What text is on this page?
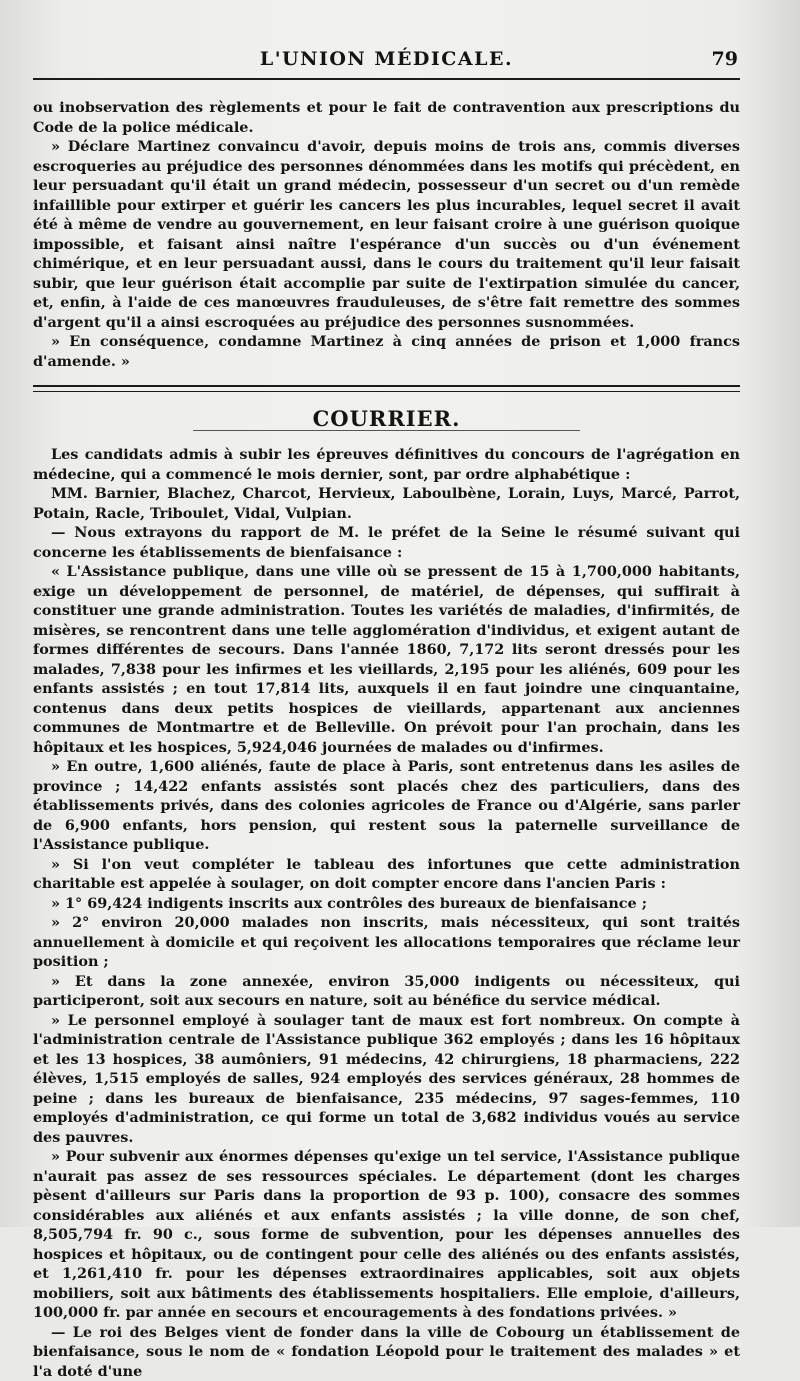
L'UNION MÉDICALE.	79

ou inobservation des règlements et pour le fait de contravention aux prescriptions du Code de la police médicale.

» Déclare Martinez convaincu d'avoir, depuis moins de trois ans, commis diverses escroqueries au préjudice des personnes dénommées dans les motifs qui précèdent, en leur persuadant qu'il était un grand médecin, possesseur d'un secret ou d'un remède infaillible pour extirper et guérir les cancers les plus incurables, lequel secret il avait été à même de vendre au gouvernement, en leur faisant croire à une guérison quoique impossible, et faisant ainsi naître l'espérance d'un succès ou d'un événement chimérique, et en leur persuadant aussi, dans le cours du traitement qu'il leur faisait subir, que leur guérison était accomplie par suite de l'extirpation simulée du cancer, et, enfin, à l'aide de ces manœuvres frauduleuses, de s'être fait remettre des sommes d'argent qu'il a ainsi escroquées au préjudice des personnes susnommées.

» En conséquence, condamne Martinez à cinq années de prison et 1,000 francs d'amende. »

COURRIER.

Les candidats admis à subir les épreuves définitives du concours de l'agrégation en médecine, qui a commencé le mois dernier, sont, par ordre alphabétique :

MM. Barnier, Blachez, Charcot, Hervieux, Laboulbène, Lorain, Luys, Marcé, Parrot, Potain, Racle, Triboulet, Vidal, Vulpian.

— Nous extrayons du rapport de M. le préfet de la Seine le résumé suivant qui concerne les établissements de bienfaisance :

« L'Assistance publique, dans une ville où se pressent de 15 à 1,700,000 habitants, exige un développement de personnel, de matériel, de dépenses, qui suffirait à constituer une grande administration. Toutes les variétés de maladies, d'infirmités, de misères, se rencontrent dans une telle agglomération d'individus, et exigent autant de formes différentes de secours. Dans l'année 1860, 7,172 lits seront dressés pour les malades, 7,838 pour les infirmes et les vieillards, 2,195 pour les aliénés, 609 pour les enfants assistés ; en tout 17,814 lits, auxquels il en faut joindre une cinquantaine, contenus dans deux petits hospices de vieillards, appartenant aux anciennes communes de Montmartre et de Belleville. On prévoit pour l'an prochain, dans les hôpitaux et les hospices, 5,924,046 journées de malades ou d'infirmes.

» En outre, 1,600 aliénés, faute de place à Paris, sont entretenus dans les asiles de province ; 14,422 enfants assistés sont placés chez des particuliers, dans des établissements privés, dans des colonies agricoles de France ou d'Algérie, sans parler de 6,900 enfants, hors pension, qui restent sous la paternelle surveillance de l'Assistance publique.

» Si l'on veut compléter le tableau des infortunes que cette administration charitable est appelée à soulager, on doit compter encore dans l'ancien Paris :

» 1° 69,424 indigents inscrits aux contrôles des bureaux de bienfaisance ;

» 2° environ 20,000 malades non inscrits, mais nécessiteux, qui sont traités annuellement à domicile et qui reçoivent les allocations temporaires que réclame leur position ;

» Et dans la zone annexée, environ 35,000 indigents ou nécessiteux, qui participeront, soit aux secours en nature, soit au bénéfice du service médical.

» Le personnel employé à soulager tant de maux est fort nombreux. On compte à l'administration centrale de l'Assistance publique 362 employés ; dans les 16 hôpitaux et les 13 hospices, 38 aumôniers, 91 médecins, 42 chirurgiens, 18 pharmaciens, 222 élèves, 1,515 employés de salles, 924 employés des services généraux, 28 hommes de peine ; dans les bureaux de bienfaisance, 235 médecins, 97 sages-femmes, 110 employés d'administration, ce qui forme un total de 3,682 individus voués au service des pauvres.

» Pour subvenir aux énormes dépenses qu'exige un tel service, l'Assistance publique n'aurait pas assez de ses ressources spéciales. Le département (dont les charges pèsent d'ailleurs sur Paris dans la proportion de 93 p. 100), consacre des sommes considérables aux aliénés et aux enfants assistés ; la ville donne, de son chef, 8,505,794 fr. 90 c., sous forme de subvention, pour les dépenses annuelles des hospices et hôpitaux, ou de contingent pour celle des aliénés ou des enfants assistés, et 1,261,410 fr. pour les dépenses extraordinaires applicables, soit aux objets mobiliers, soit aux bâtiments des établissements hospitaliers. Elle emploie, d'ailleurs, 100,000 fr. par année en secours et encouragements à des fondations privées. »

— Le roi des Belges vient de fonder dans la ville de Cobourg un établissement de bienfaisance, sous le nom de « fondation Léopold pour le traitement des malades » et l'a doté d'une
